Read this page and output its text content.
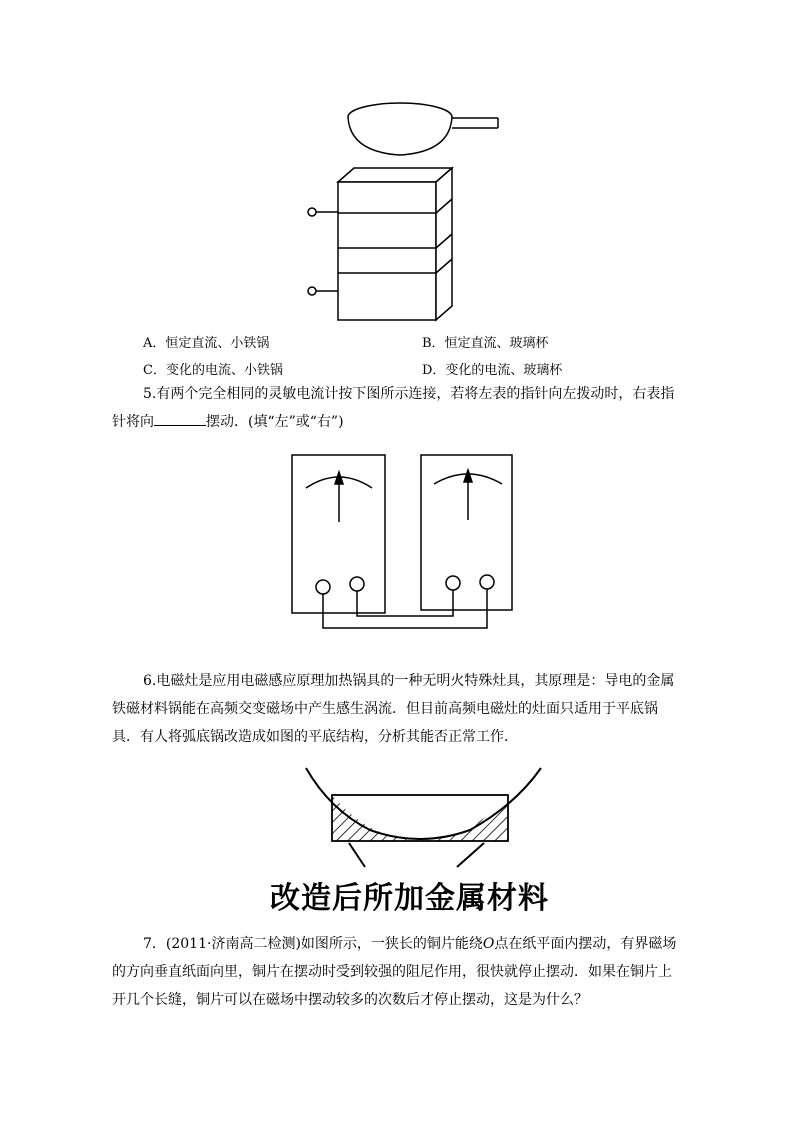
A．恒定直流、小铁锅	B．恒定直流、玻璃杯
C．变化的电流、小铁锅	D．变化的电流、玻璃杯
5.有两个完全相同的灵敏电流计按下图所示连接，若将左表的指针向左拨动时，右表指
针将向	摆动．(填“左”或“右”)
6.电磁灶是应用电磁感应原理加热锅具的一种无明火特殊灶具，其原理是：导电的金属
铁磁材料锅能在高频交变磁场中产生感生涡流．但目前高频电磁灶的灶面只适用于平底锅
具．有人将弧底锅改造成如图的平底结构，分析其能否正常工作．
改造后所加金属材料
7．(2011·济南高二检测)如图所示，一狭长的铜片能绕O点在纸平面内摆动，有界磁场
的方向垂直纸面向里，铜片在摆动时受到较强的阻尼作用，很快就停止摆动．如果在铜片上
开几个长缝，铜片可以在磁场中摆动较多的次数后才停止摆动，这是为什么？
